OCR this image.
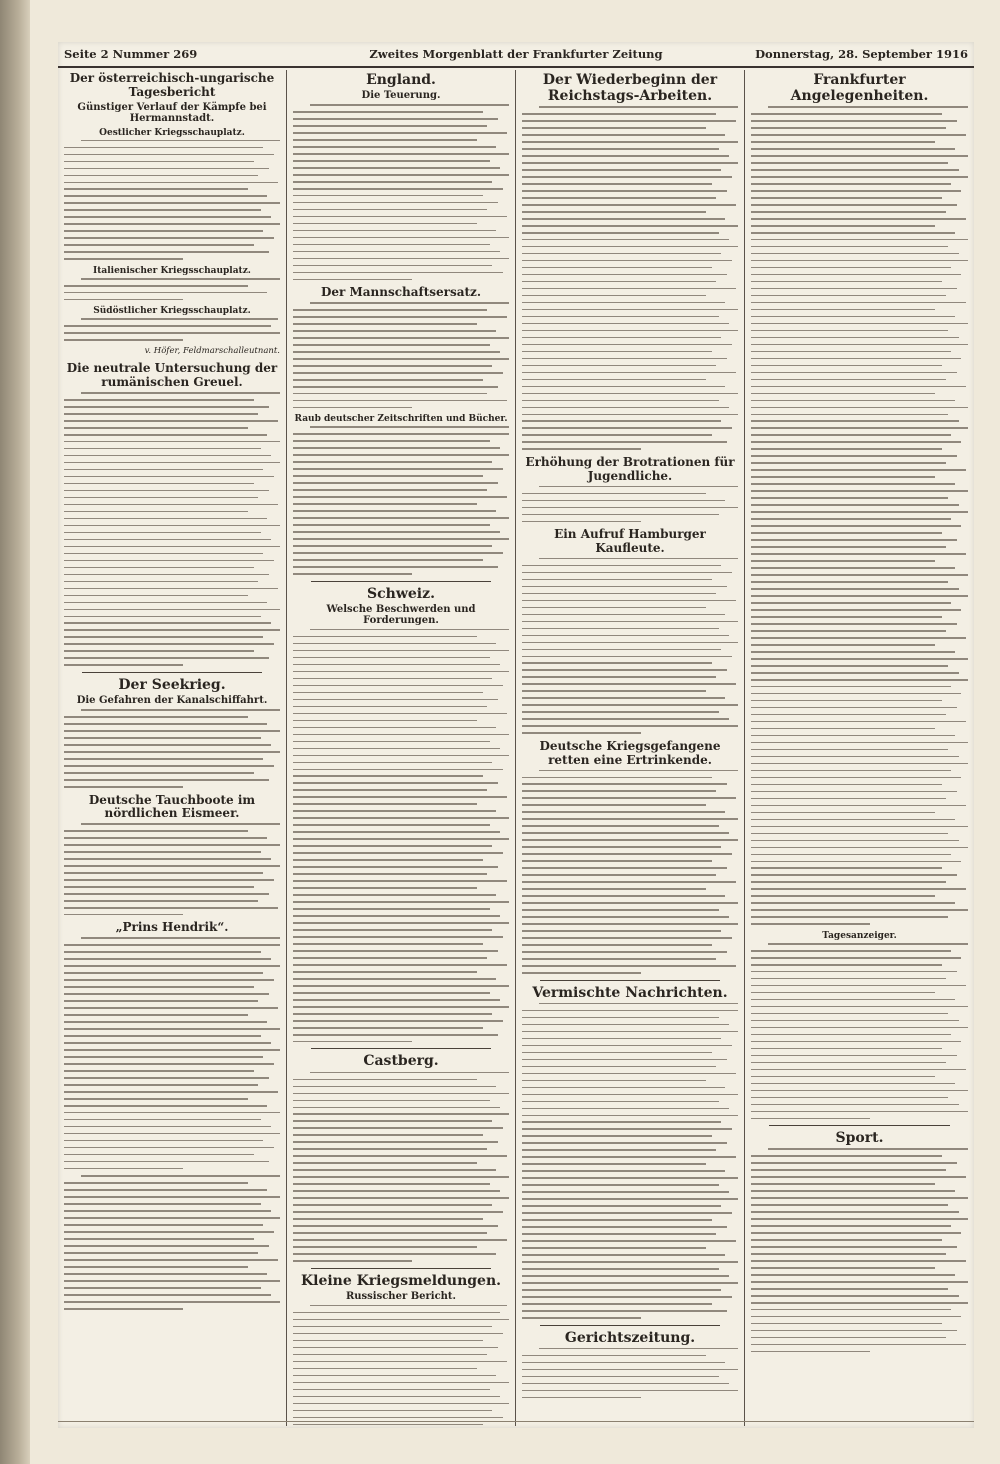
Seite 2 Nummer 269	Zweites Morgenblatt der Frankfurter Zeitung	Donnerstag, 28. September 1916
Der österreichisch-ungarische Tagesbericht
Günstiger Verlauf der Kämpfe bei Hermannstadt.
Oestlicher Kriegsschauplatz.
Italienischer Kriegsschauplatz.
Südöstlicher Kriegsschauplatz.
v. Höfer, Feldmarschalleutnant.
Die neutrale Untersuchung der rumänischen Greuel.
Der Seekrieg.
Die Gefahren der Kanalschiffahrt.
Deutsche Tauchboote im nördlichen Eismeer.
„Prins Hendrik“.
England.
Die Teuerung.
Der Mannschaftsersatz.
Raub deutscher Zeitschriften und Bücher.
Schweiz.
Welsche Beschwerden und Forderungen.
Castberg.
Kleine Kriegsmeldungen.
Russischer Bericht.
Der Wiederbeginn der Reichstags-Arbeiten.
Erhöhung der Brotrationen für Jugendliche.
Ein Aufruf Hamburger Kaufleute.
Deutsche Kriegsgefangene retten eine Ertrinkende.
Vermischte Nachrichten.
Gerichtszeitung.
Frankfurter Angelegenheiten.
Tagesanzeiger.
Sport.
